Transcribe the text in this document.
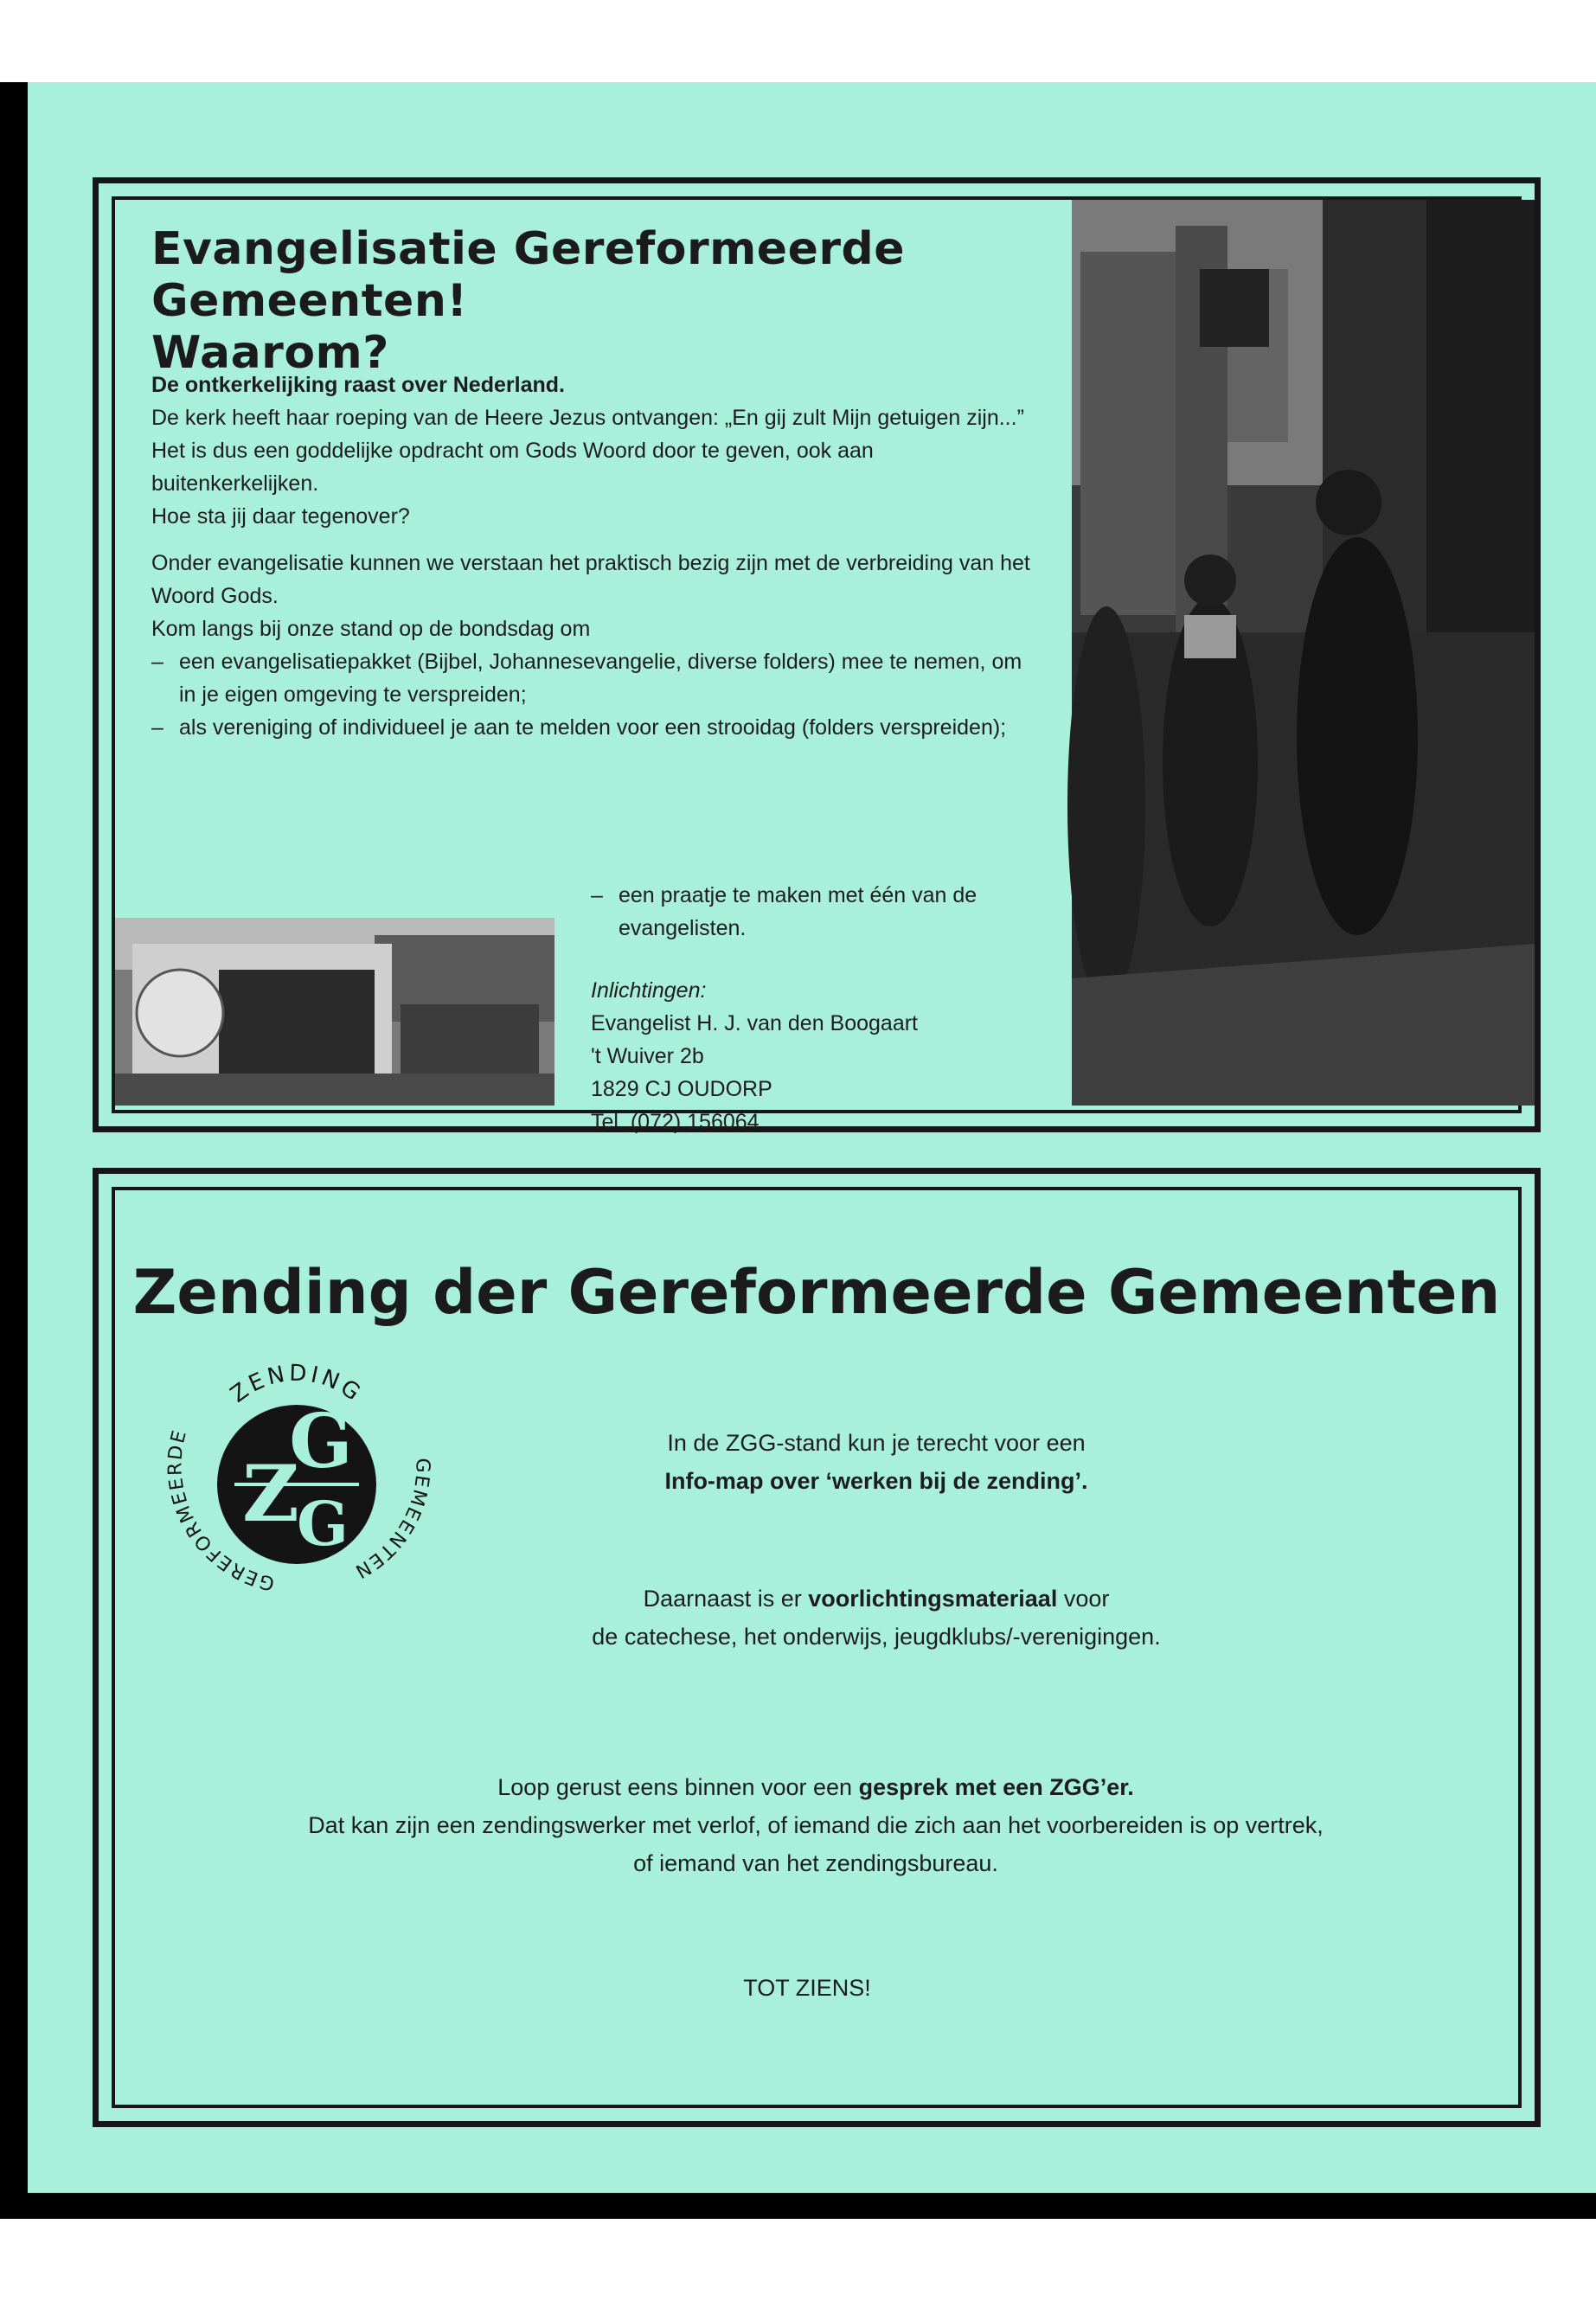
Evangelisatie Gereformeerde Gemeenten!
Waarom?

De ontkerkelijking raast over Nederland.
De kerk heeft haar roeping van de Heere Jezus ontvangen: „En gij zult Mijn getuigen zijn...”
Het is dus een goddelijke opdracht om Gods Woord door te geven, ook aan buitenkerkelijken.
Hoe sta jij daar tegenover?

Onder evangelisatie kunnen we verstaan het praktisch bezig zijn met de verbreiding van het Woord Gods.
Kom langs bij onze stand op de bondsdag om

– een evangelisatiepakket (Bijbel, Johannesevangelie, diverse folders) mee te nemen, om in je eigen omgeving te verspreiden;
– als vereniging of individueel je aan te melden voor een strooidag (folders verspreiden);
– een praatje te maken met één van de evangelisten.
Inlichtingen:
Evangelist H. J. van den Boogaart
't Wuiver 2b
1829 CJ OUDORP
Tel. (072) 156064
Zending der Gereformeerde Gemeenten
G
Z
G
ZENDING
GEREFORMEERDE
GEMEENTEN
In de ZGG-stand kun je terecht voor een
Info-map over ‘werken bij de zending’.
Daarnaast is er voorlichtingsmateriaal voor
de catechese, het onderwijs, jeugdklubs/-verenigingen.
Loop gerust eens binnen voor een gesprek met een ZGG’er.
Dat kan zijn een zendingswerker met verlof, of iemand die zich aan het voorbereiden is op vertrek,
of iemand van het zendingsbureau.
TOT ZIENS!
